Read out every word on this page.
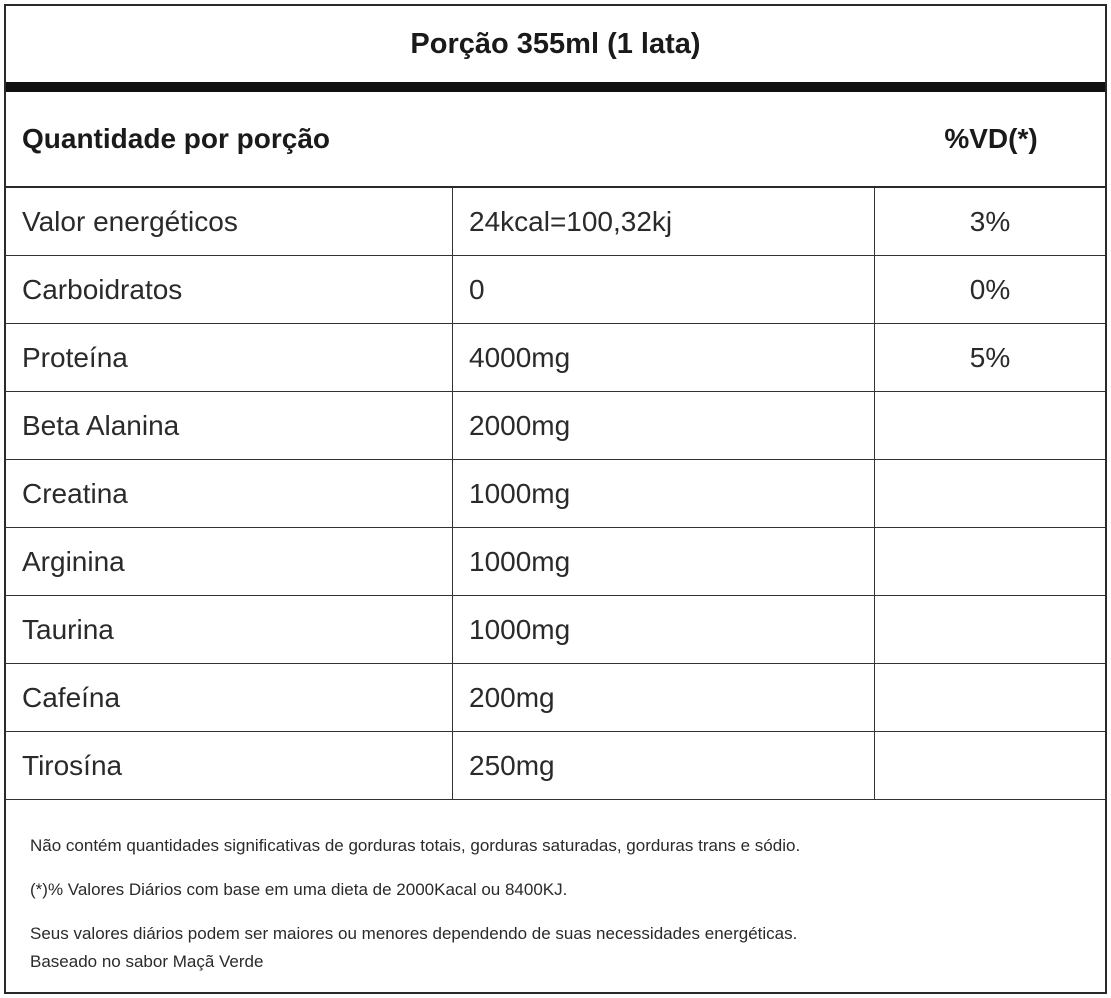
Porção 355ml (1 lata)
Quantidade por porção	%VD(*)
Valor energéticos	24kcal=100,32kj	3%
Carboidratos	0	0%
Proteína	4000mg	5%
Beta Alanina	2000mg
Creatina	1000mg
Arginina	1000mg
Taurina	1000mg
Cafeína	200mg
Tirosína	250mg
Não contém quantidades significativas de gorduras totais, gorduras saturadas, gorduras trans e sódio.
(*)% Valores Diários com base em uma dieta de 2000Kacal ou 8400KJ.
Seus valores diários podem ser maiores ou menores dependendo de suas necessidades energéticas.
Baseado no sabor Maçã Verde
